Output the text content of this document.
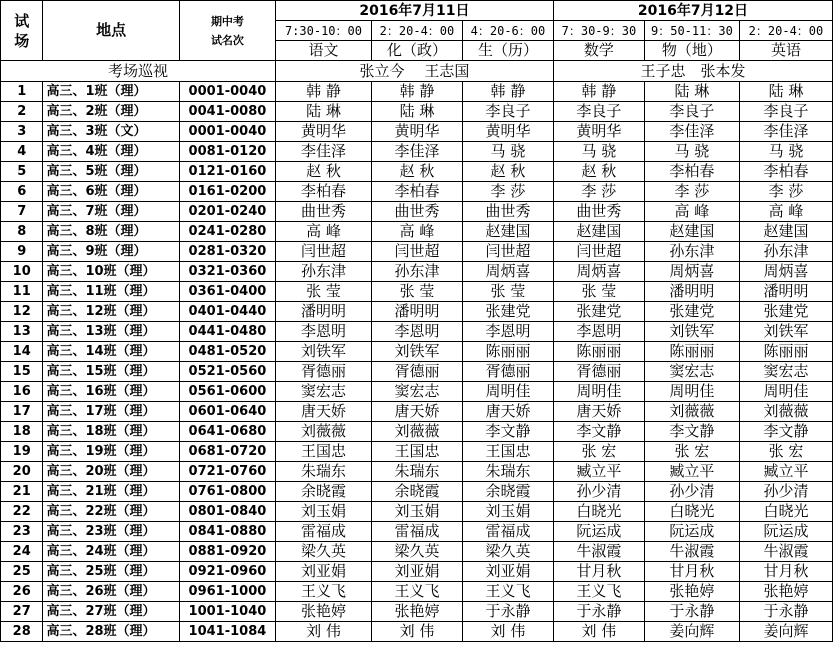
试场	地点	期中考试名次	2016年7月11日			2016年7月12日		
			7:30-10：00	2：20-4：00	4：20-6：00	7：30-9：30	9：50-11：30	2：20-4：00
			语文	化（政）	生（历）	数学	物（地）	英语
考场巡视			张立今　 王志国			王子忠　张本发		
1	高三、1班（理）	0001-0040	韩 静	韩 静	韩 静	韩 静	陆 琳	陆 琳
2	高三、2班（理）	0041-0080	陆 琳	陆 琳	李良子	李良子	李良子	李良子
3	高三、3班（文）	0001-0040	黄明华	黄明华	黄明华	黄明华	李佳泽	李佳泽
4	高三、4班（理）	0081-0120	李佳泽	李佳泽	马 骁	马 骁	马 骁	马 骁
5	高三、5班（理）	0121-0160	赵 秋	赵 秋	赵 秋	赵 秋	李柏春	李柏春
6	高三、6班（理）	0161-0200	李柏春	李柏春	李 莎	李 莎	李 莎	李 莎
7	高三、7班（理）	0201-0240	曲世秀	曲世秀	曲世秀	曲世秀	高 峰	高 峰
8	高三、8班（理）	0241-0280	高 峰	高 峰	赵建国	赵建国	赵建国	赵建国
9	高三、9班（理）	0281-0320	闫世超	闫世超	闫世超	闫世超	孙东津	孙东津
10	高三、10班（理）	0321-0360	孙东津	孙东津	周炳喜	周炳喜	周炳喜	周炳喜
11	高三、11班（理）	0361-0400	张 莹	张 莹	张 莹	张 莹	潘明明	潘明明
12	高三、12班（理）	0401-0440	潘明明	潘明明	张建党	张建党	张建党	张建党
13	高三、13班（理）	0441-0480	李恩明	李恩明	李恩明	李恩明	刘铁军	刘铁军
14	高三、14班（理）	0481-0520	刘铁军	刘铁军	陈丽丽	陈丽丽	陈丽丽	陈丽丽
15	高三、15班（理）	0521-0560	胥德丽	胥德丽	胥德丽	胥德丽	窦宏志	窦宏志
16	高三、16班（理）	0561-0600	窦宏志	窦宏志	周明佳	周明佳	周明佳	周明佳
17	高三、17班（理）	0601-0640	唐天娇	唐天娇	唐天娇	唐天娇	刘薇薇	刘薇薇
18	高三、18班（理）	0641-0680	刘薇薇	刘薇薇	李文静	李文静	李文静	李文静
19	高三、19班（理）	0681-0720	王国忠	王国忠	王国忠	张 宏	张 宏	张 宏
20	高三、20班（理）	0721-0760	朱瑞东	朱瑞东	朱瑞东	臧立平	臧立平	臧立平
21	高三、21班（理）	0761-0800	余晓霞	余晓霞	余晓霞	孙少清	孙少清	孙少清
22	高三、22班（理）	0801-0840	刘玉娟	刘玉娟	刘玉娟	白晓光	白晓光	白晓光
23	高三、23班（理）	0841-0880	雷福成	雷福成	雷福成	阮运成	阮运成	阮运成
24	高三、24班（理）	0881-0920	梁久英	梁久英	梁久英	牛淑霞	牛淑霞	牛淑霞
25	高三、25班（理）	0921-0960	刘亚娟	刘亚娟	刘亚娟	甘月秋	甘月秋	甘月秋
26	高三、26班（理）	0961-1000	王义飞	王义飞	王义飞	王义飞	张艳婷	张艳婷
27	高三、27班（理）	1001-1040	张艳婷	张艳婷	于永静	于永静	于永静	于永静
28	高三、28班（理）	1041-1084	刘 伟	刘 伟	刘 伟	刘 伟	姜向辉	姜向辉
